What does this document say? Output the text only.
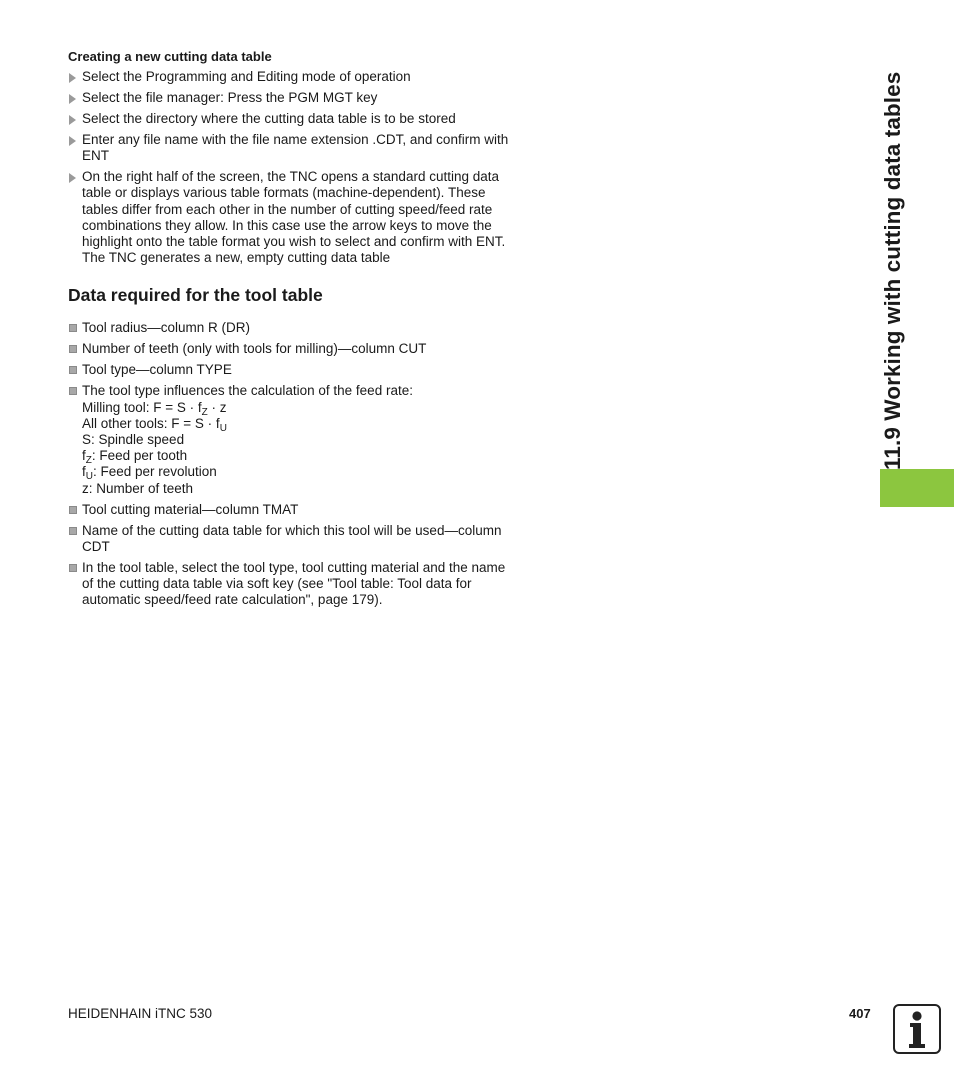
11.9 Working with cutting data tables
Creating a new cutting data table
Select the Programming and Editing mode of operation
Select the file manager: Press the PGM MGT key
Select the directory where the cutting data table is to be stored
Enter any file name with the file name extension .CDT, and confirm with ENT
On the right half of the screen, the TNC opens a standard cutting data table or displays various table formats (machine-dependent). These tables differ from each other in the number of cutting speed/feed rate combinations they allow. In this case use the arrow keys to move the highlight onto the table format you wish to select and confirm with ENT. The TNC generates a new, empty cutting data table
Data required for the tool table
Tool radius—column R (DR)
Number of teeth (only with tools for milling)—column CUT
Tool type—column TYPE
The tool type influences the calculation of the feed rate:
Milling tool: $F = S \cdot f_Z \cdot z$
All other tools: $F = S \cdot f_U$
S: Spindle speed
$f_Z$: Feed per tooth
$f_U$: Feed per revolution
z: Number of teeth
Tool cutting material—column TMAT
Name of the cutting data table for which this tool will be used—column CDT
In the tool table, select the tool type, tool cutting material and the name of the cutting data table via soft key (see "Tool table: Tool data for automatic speed/feed rate calculation", page 179).
HEIDENHAIN iTNC 530	407
